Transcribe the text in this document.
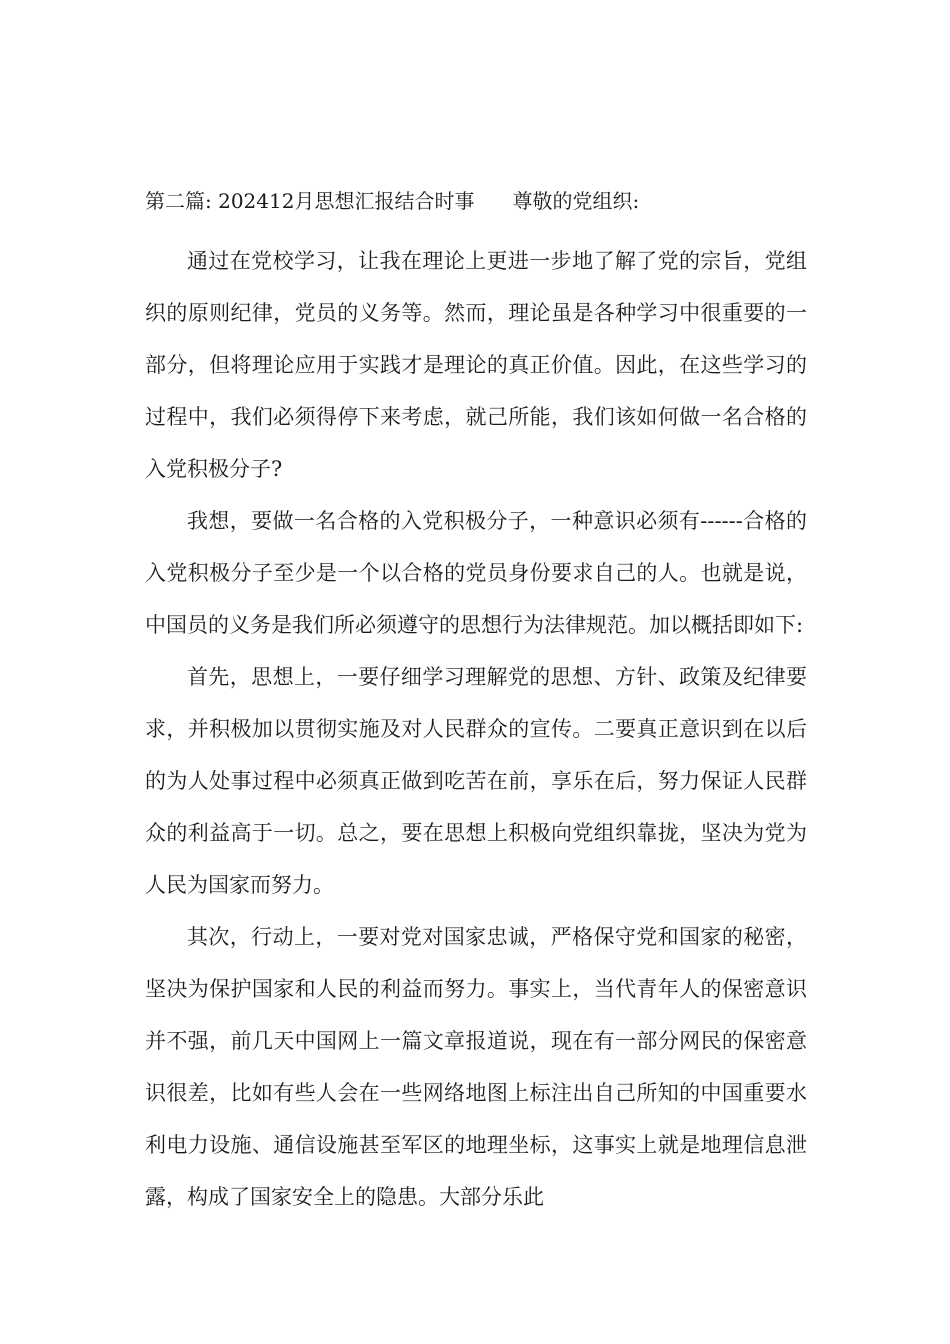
第二篇: 202412月思想汇报结合时事 尊敬的党组织:

通过在党校学习，让我在理论上更进一步地了解了党的宗旨，党组织的原则纪律，党员的义务等。然而，理论虽是各种学习中很重要的一部分，但将理论应用于实践才是理论的真正价值。因此，在这些学习的过程中，我们必须得停下来考虑，就己所能，我们该如何做一名合格的入党积极分子?

我想，要做一名合格的入党积极分子，一种意识必须有------合格的入党积极分子至少是一个以合格的党员身份要求自己的人。也就是说，中国员的义务是我们所必须遵守的思想行为法律规范。加以概括即如下:

首先，思想上，一要仔细学习理解党的思想、方针、政策及纪律要求，并积极加以贯彻实施及对人民群众的宣传。二要真正意识到在以后的为人处事过程中必须真正做到吃苦在前，享乐在后，努力保证人民群众的利益高于一切。总之，要在思想上积极向党组织靠拢，坚决为党为人民为国家而努力。

其次，行动上，一要对党对国家忠诚，严格保守党和国家的秘密，坚决为保护国家和人民的利益而努力。事实上，当代青年人的保密意识并不强，前几天中国网上一篇文章报道说，现在有一部分网民的保密意识很差，比如有些人会在一些网络地图上标注出自己所知的中国重要水利电力设施、通信设施甚至军区的地理坐标，这事实上就是地理信息泄露，构成了国家安全上的隐患。大部分乐此
